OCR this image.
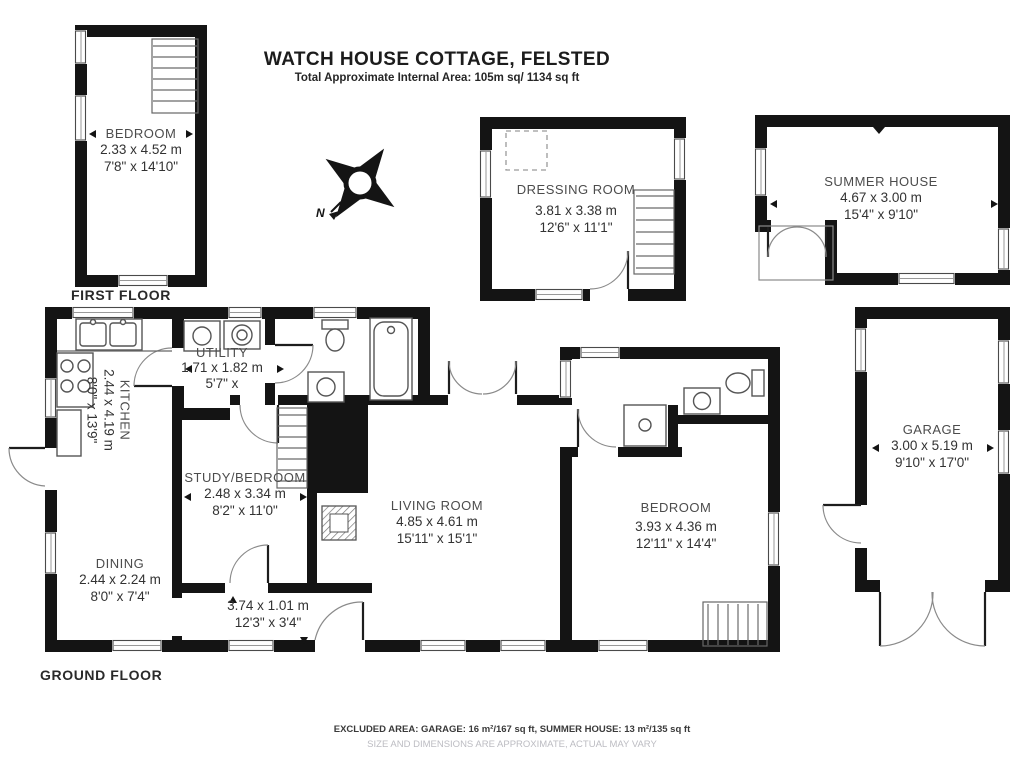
WATCH HOUSE COTTAGE, FELSTED
Total Approximate Internal Area: 105m sq/ 1134 sq ft
FIRST FLOOR
GROUND FLOOR
N
BEDROOM
2.33 x 4.52 m
7'8" x 14'10"
DRESSING ROOM
3.81 x 3.38 m
12'6" x 11'1"
SUMMER HOUSE
4.67 x 3.00 m
15'4" x 9'10"
KITCHEN
2.44 x 4.19 m
8'0" x 13'9"
UTILITY
1.71 x 1.82 m
5'7" x
STUDY/BEDROOM
2.48 x 3.34 m
8'2" x 11'0"
DINING
2.44 x 2.24 m
8'0" x 7'4"
3.74 x 1.01 m
12'3" x 3'4"
LIVING ROOM
4.85 x 4.61 m
15'11" x 15'1"
BEDROOM
3.93 x 4.36 m
12'11" x 14'4"
GARAGE
3.00 x 5.19 m
9'10" x 17'0"
EXCLUDED AREA: GARAGE: 16 m²/167 sq ft, SUMMER HOUSE: 13 m²/135 sq ft
SIZE AND DIMENSIONS ARE APPROXIMATE, ACTUAL MAY VARY
